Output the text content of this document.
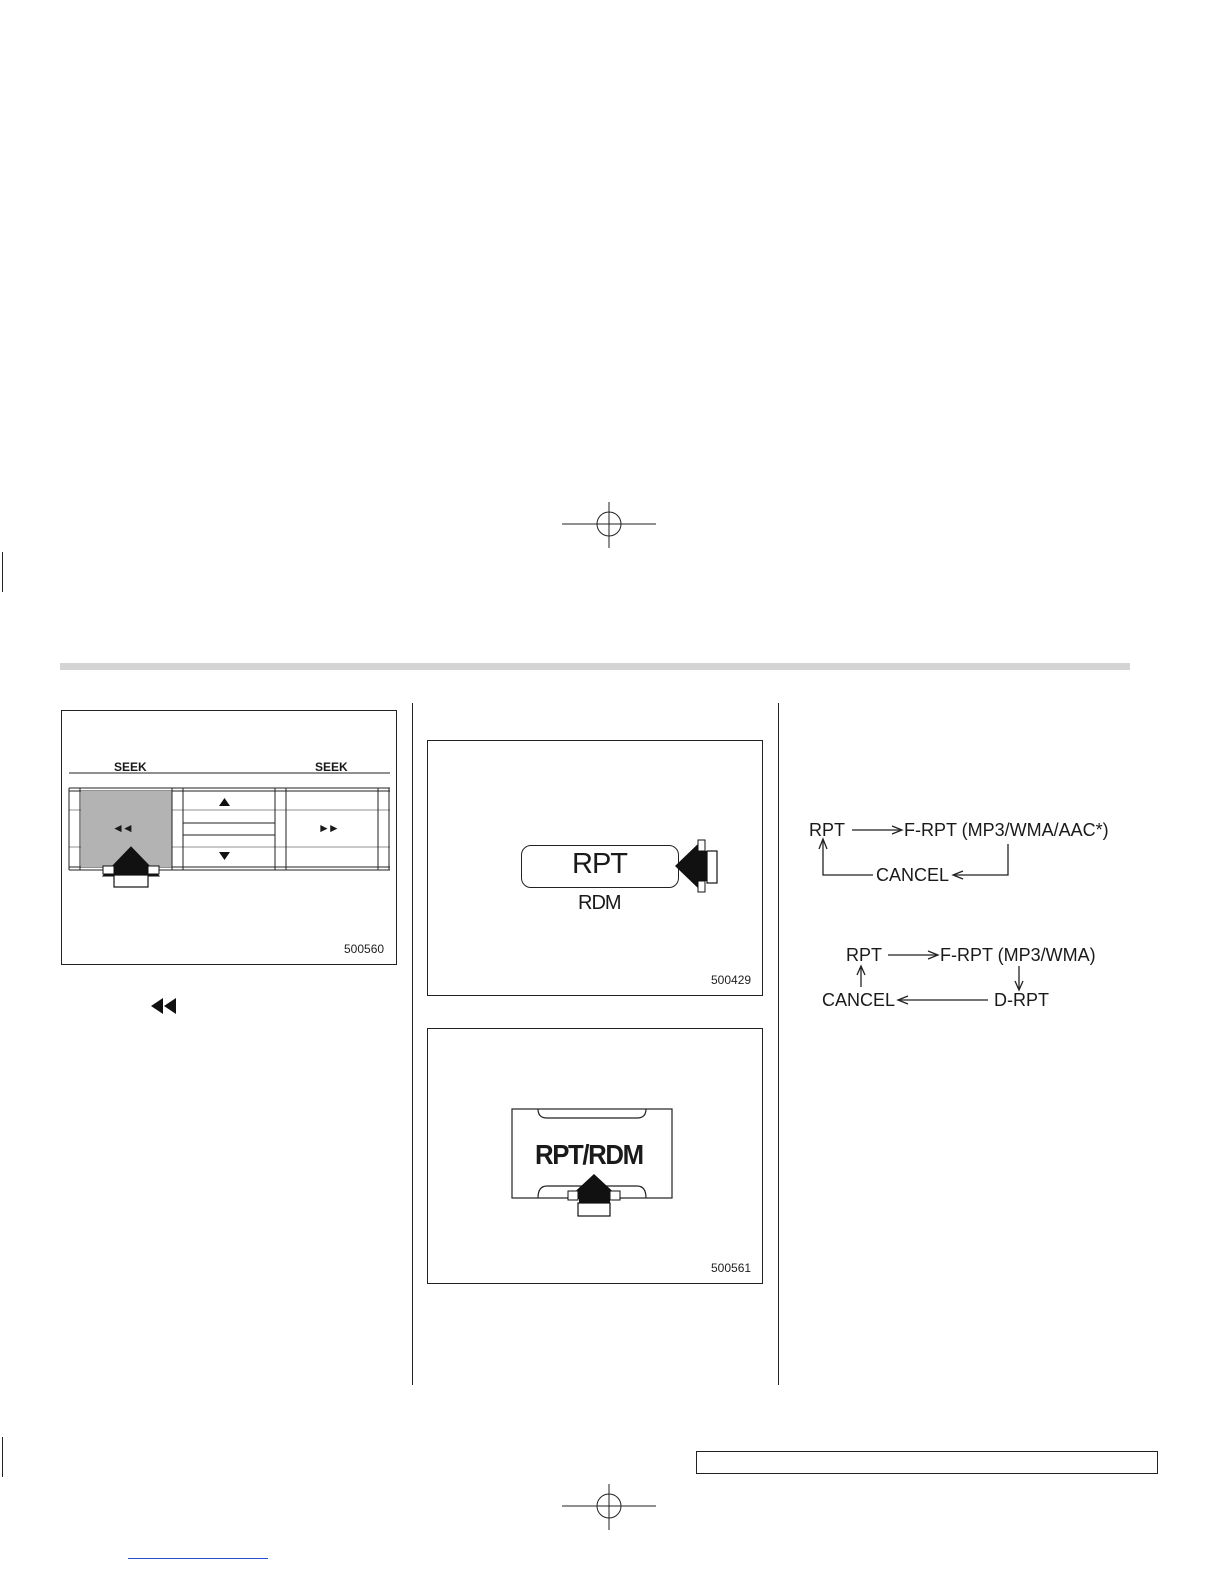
SEEK	SEEK
◄◄	►►
500560
RPT
RDM
500429
RPT/RDM
500561
RPT	F-RPT (MP3/WMA/AAC*)
CANCEL
RPT	F-RPT (MP3/WMA)
CANCEL	D-RPT
